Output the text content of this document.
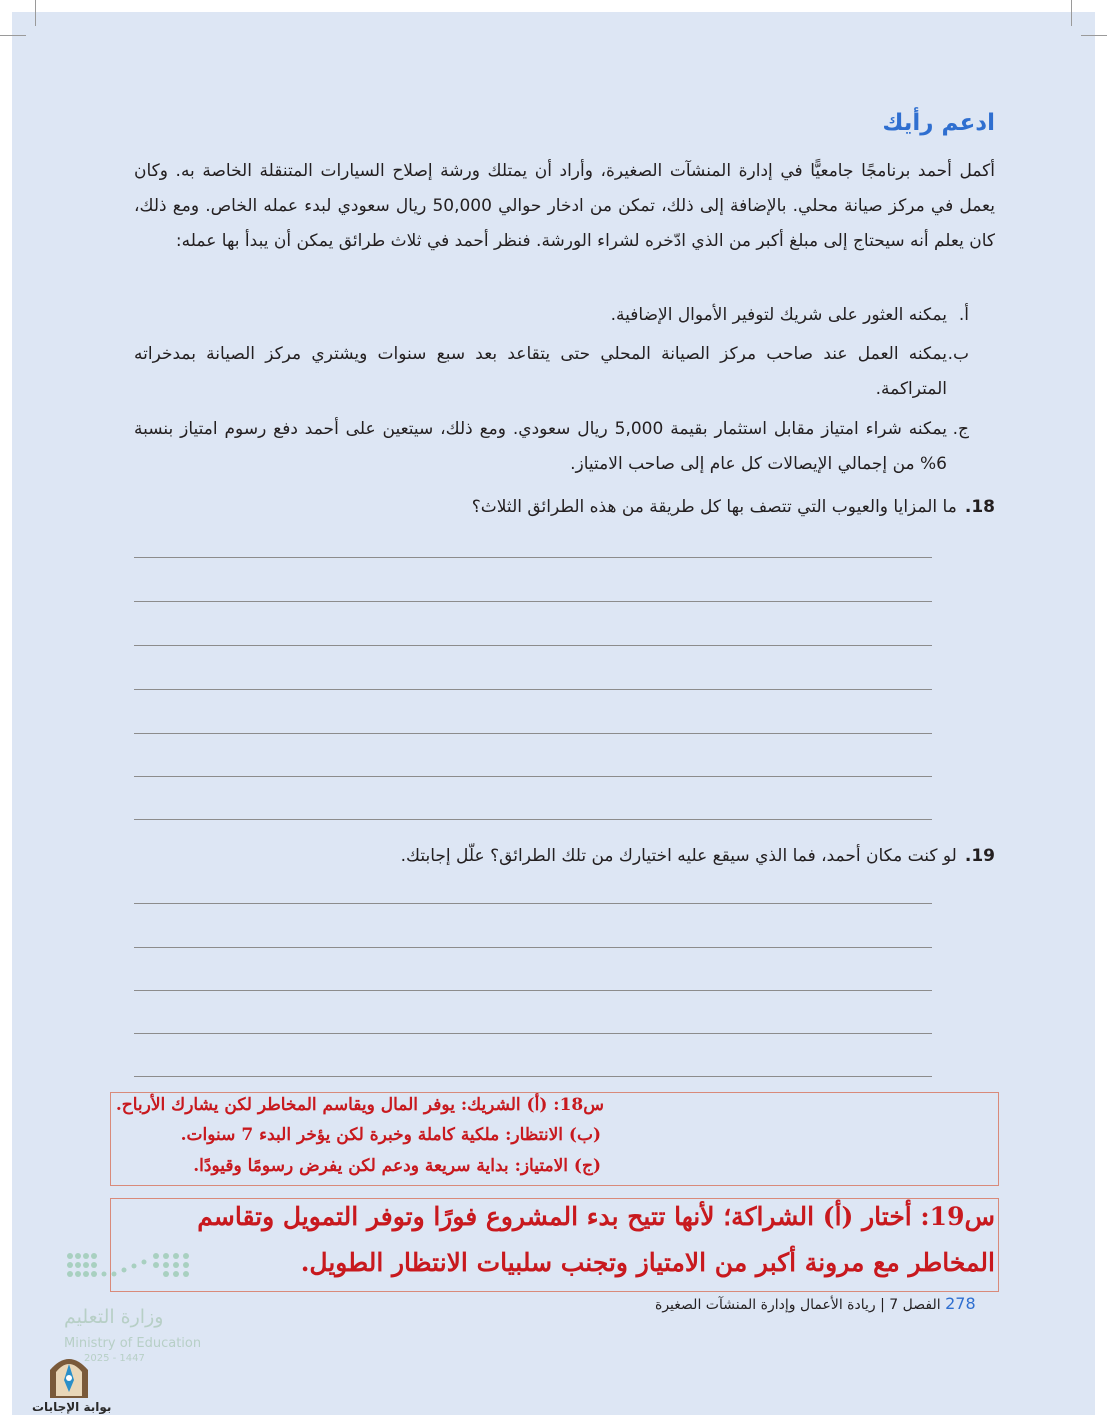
ادعم رأيك
أكمل أحمد برنامجًا جامعيًّا في إدارة المنشآت الصغيرة، وأراد أن يمتلك ورشة إصلاح السيارات المتنقلة الخاصة به. وكان يعمل في مركز صيانة محلي. بالإضافة إلى ذلك، تمكن من ادخار حوالي 50,000 ريال سعودي لبدء عمله الخاص. ومع ذلك، كان يعلم أنه سيحتاج إلى مبلغ أكبر من الذي ادّخره لشراء الورشة. فنظر أحمد في ثلاث طرائق يمكن أن يبدأ بها عمله:
أ.
يمكنه العثور على شريك لتوفير الأموال الإضافية.
ب.
يمكنه العمل عند صاحب مركز الصيانة المحلي حتى يتقاعد بعد سبع سنوات ويشتري مركز الصيانة بمدخراته المتراكمة.
ج.
يمكنه شراء امتياز مقابل استثمار بقيمة 5,000 ريال سعودي. ومع ذلك، سيتعين على أحمد دفع رسوم امتياز بنسبة 6% من إجمالي الإيصالات كل عام إلى صاحب الامتياز.
18.ما المزايا والعيوب التي تتصف بها كل طريقة من هذه الطرائق الثلاث؟
19.لو كنت مكان أحمد، فما الذي سيقع عليه اختيارك من تلك الطرائق؟ علّل إجابتك.
س18: (أ) الشريك: يوفر المال ويقاسم المخاطر لكن يشارك الأرباح.
(ب) الانتظار: ملكية كاملة وخبرة لكن يؤخر البدء 7 سنوات.
(ج) الامتياز: بداية سريعة ودعم لكن يفرض رسومًا وقيودًا.
س19: أختار (أ) الشراكة؛ لأنها تتيح بدء المشروع فورًا وتوفر التمويل وتقاسم
المخاطر مع مرونة أكبر من الامتياز وتجنب سلبيات الانتظار الطويل.
278 الفصل 7 | ريادة الأعمال وإدارة المنشآت الصغيرة
وزارة التعليم
Ministry of Education
2025 - 1447
بوابة الإجابات
